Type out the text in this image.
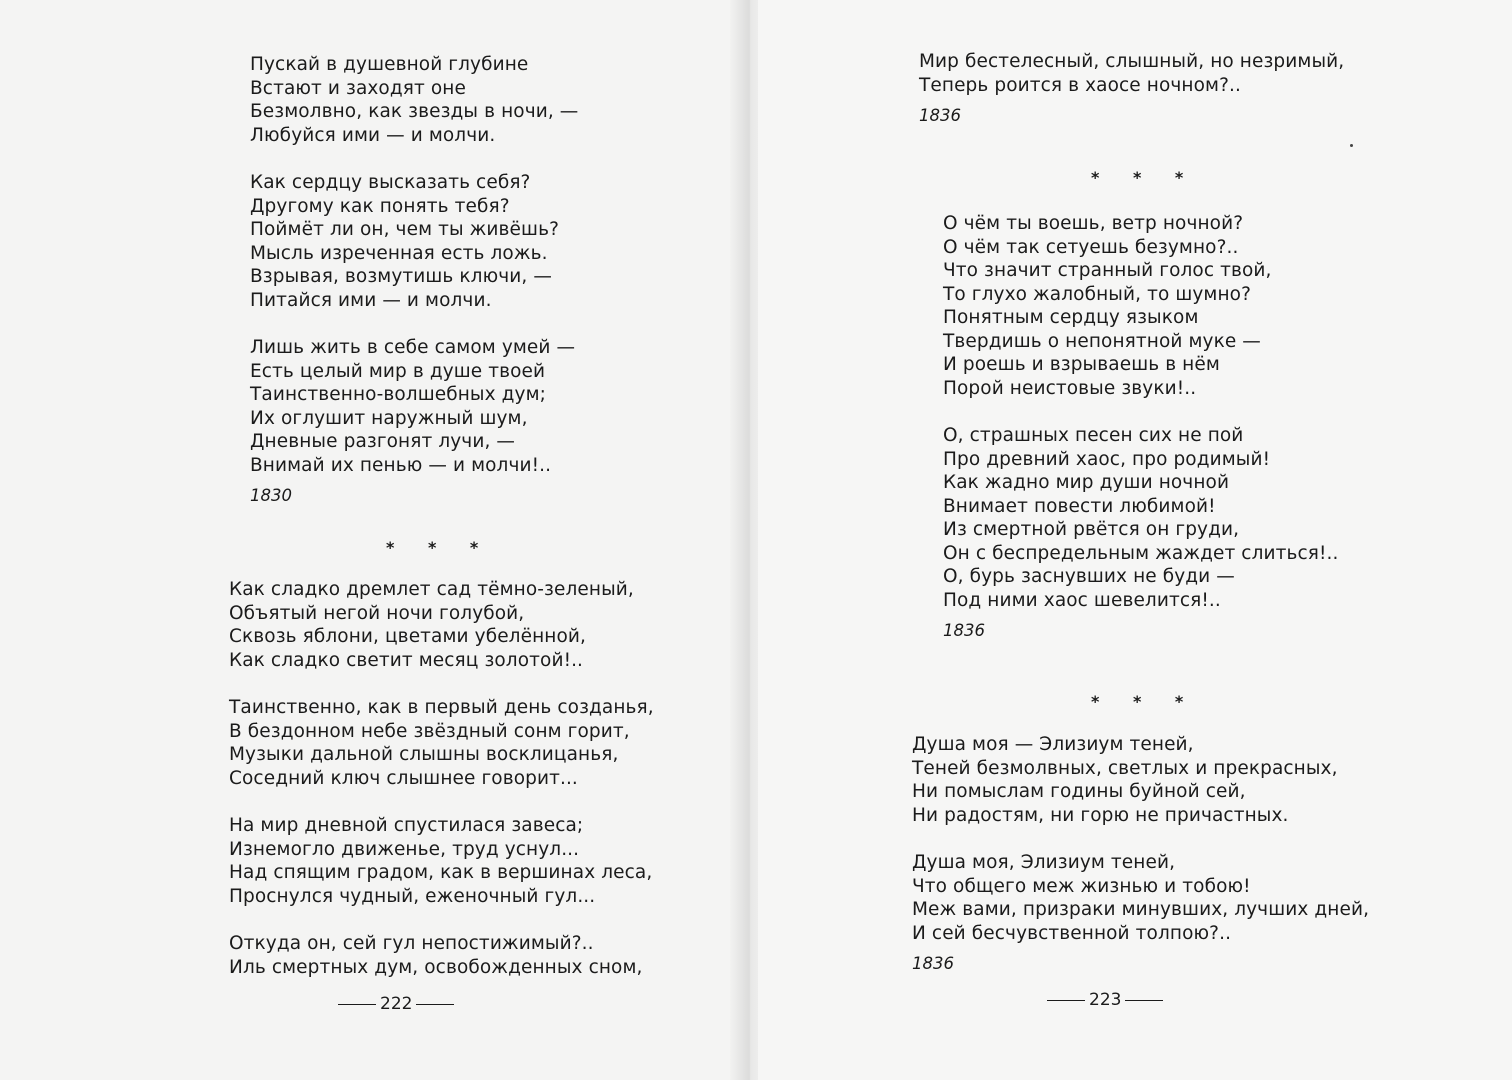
Пускай в душевной глубине
Встают и заходят оне
Безмолвно, как звезды в ночи, —
Любуйся ими — и молчи.
Как сердцу высказать себя?
Другому как понять тебя?
Поймёт ли он, чем ты живёшь?
Мысль изреченная есть ложь.
Взрывая, возмутишь ключи, —
Питайся ими — и молчи.
Лишь жить в себе самом умей —
Есть целый мир в душе твоей
Таинственно-волшебных дум;
Их оглушит наружный шум,
Дневные разгонят лучи, —
Внимай их пенью — и молчи!..
1830
* * *
Как сладко дремлет сад тёмно-зеленый,
Объятый негой ночи голубой,
Сквозь яблони, цветами убелённой,
Как сладко светит месяц золотой!..
Таинственно, как в первый день созданья,
В бездонном небе звёздный сонм горит,
Музыки дальной слышны восклицанья,
Соседний ключ слышнее говорит...
На мир дневной спустилася завеса;
Изнемогло движенье, труд уснул...
Над спящим градом, как в вершинах леса,
Проснулся чудный, еженочный гул...
Откуда он, сей гул непостижимый?..
Иль смертных дум, освобожденных сном,
222
Мир бестелесный, слышный, но незримый,
Теперь роится в хаосе ночном?..
1836
* * *
О чём ты воешь, ветр ночной?
О чём так сетуешь безумно?..
Что значит странный голос твой,
То глухо жалобный, то шумно?
Понятным сердцу языком
Твердишь о непонятной муке —
И роешь и взрываешь в нём
Порой неистовые звуки!..
О, страшных песен сих не пой
Про древний хаос, про родимый!
Как жадно мир души ночной
Внимает повести любимой!
Из смертной рвётся он груди,
Он с беспредельным жаждет слиться!..
О, бурь заснувших не буди —
Под ними хаос шевелится!..
1836
* * *
Душа моя — Элизиум теней,
Теней безмолвных, светлых и прекрасных,
Ни помыслам годины буйной сей,
Ни радостям, ни горю не причастных.
Душа моя, Элизиум теней,
Что общего меж жизнью и тобою!
Меж вами, призраки минувших, лучших дней,
И сей бесчувственной толпою?..
1836
223
